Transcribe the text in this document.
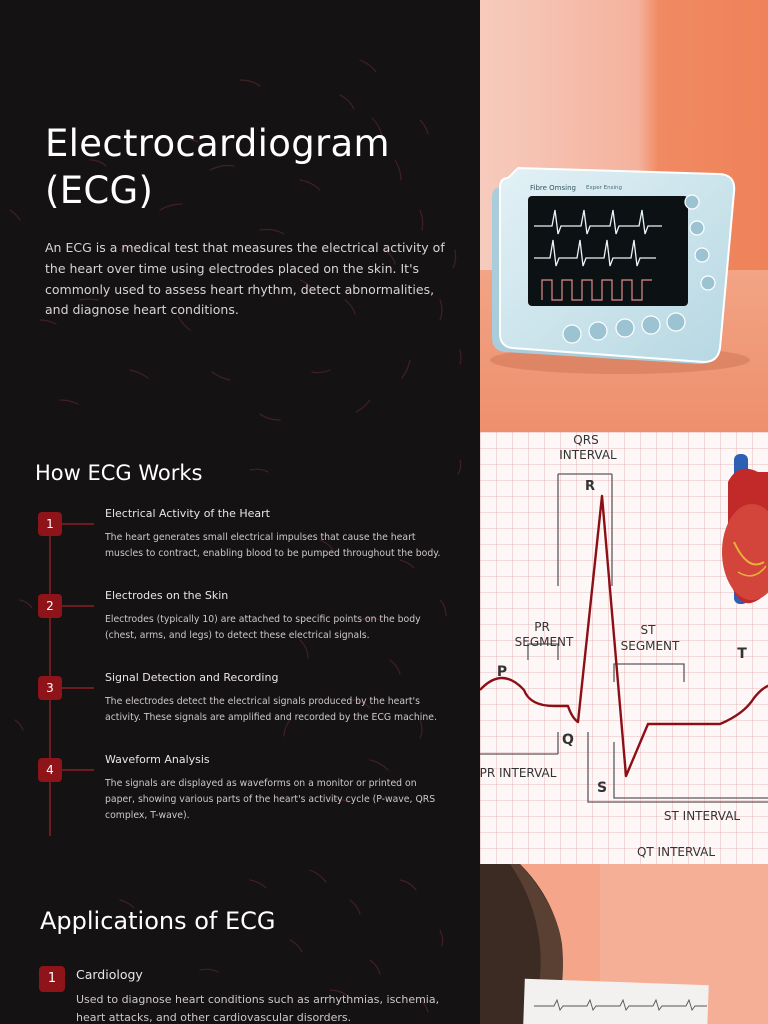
Electrocardiogram
(ECG)

An ECG is a medical test that measures the electrical activity of the heart over time using electrodes placed on the skin. It's commonly used to assess heart rhythm, detect abnormalities, and diagnose heart conditions.

How ECG Works
1
Electrical Activity of the Heart
The heart generates small electrical impulses that cause the heart muscles to contract, enabling blood to be pumped throughout the body.
2
Electrodes on the Skin
Electrodes (typically 10) are attached to specific points on the body (chest, arms, and legs) to detect these electrical signals.
3
Signal Detection and Recording
The electrodes detect the electrical signals produced by the heart's activity. These signals are amplified and recorded by the ECG machine.
4
Waveform Analysis
The signals are displayed as waveforms on a monitor or printed on paper, showing various parts of the heart's activity cycle (P-wave, QRS complex, T-wave).
Applications of ECG
1	Cardiology
Used to diagnose heart conditions such as arrhythmias, ischemia, heart attacks, and other cardiovascular disorders.
Fibre Omsing Exper Ensing
QRS
INTERVAL
R
PR
SEGMENT
ST
SEGMENT
P
T
Q
S
PR INTERVAL
ST INTERVAL
QT INTERVAL
